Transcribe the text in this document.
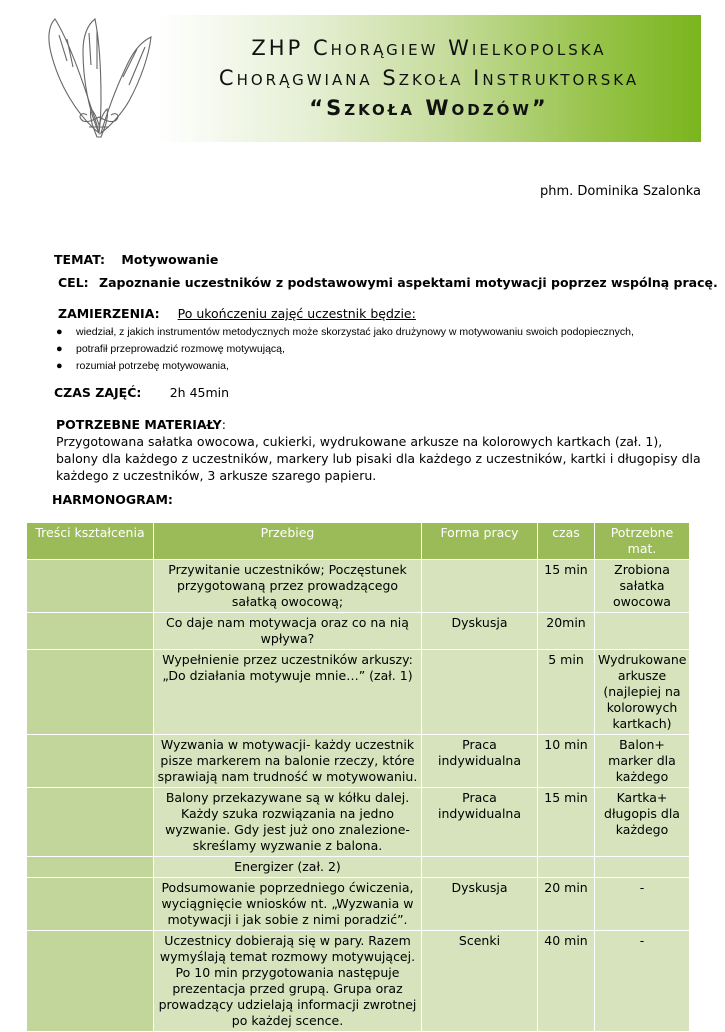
ZHP Chorągiew Wielkopolska
Chorągwiana Szkoła Instruktorska
“Szkoła Wodzów”
phm. Dominika Szalonka
TEMAT: Motywowanie
CEL: Zapoznanie uczestników z podstawowymi aspektami motywacji poprzez wspólną pracę.
ZAMIERZENIA: Po ukończeniu zajęć uczestnik będzie:
● wiedział, z jakich instrumentów metodycznych może skorzystać jako drużynowy w motywowaniu swoich podopiecznych,
● potrafił przeprowadzić rozmowę motywującą,
● rozumiał potrzebę motywowania,
CZAS ZAJĘĆ: 2h 45min
POTRZEBNE MATERIAŁY:
Przygotowana sałatka owocowa, cukierki, wydrukowane arkusze na kolorowych kartkach (zał. 1), balony dla każdego z uczestników, markery lub pisaki dla każdego z uczestników, kartki i długopisy dla każdego z uczestników, 3 arkusze szarego papieru.
HARMONOGRAM:
Treści kształcenia	Przebieg	Forma pracy	czas	Potrzebne mat.
	Przywitanie uczestników; Poczęstunek przygotowaną przez prowadzącego sałatką owocową;		15 min	Zrobiona sałatka owocowa
	Co daje nam motywacja oraz co na nią wpływa?	Dyskusja	20min	
	Wypełnienie przez uczestników arkuszy: „Do działania motywuje mnie…” (zał. 1)		5 min	Wydrukowane arkusze (najlepiej na kolorowych kartkach)
	Wyzwania w motywacji- każdy uczestnik pisze markerem na balonie rzeczy, które sprawiają nam trudność w motywowaniu.	Praca indywidualna	10 min	Balon+ marker dla każdego
	Balony przekazywane są w kółku dalej. Każdy szuka rozwiązania na jedno wyzwanie. Gdy jest już ono znalezione- skreślamy wyzwanie z balona.	Praca indywidualna	15 min	Kartka+ długopis dla każdego
	Energizer (zał. 2)			
	Podsumowanie poprzedniego ćwiczenia, wyciągnięcie wniosków nt. „Wyzwania w motywacji i jak sobie z nimi poradzić”.	Dyskusja	20 min	-
	Uczestnicy dobierają się w pary. Razem wymyślają temat rozmowy motywującej. Po 10 min przygotowania następuje prezentacja przed grupą. Grupa oraz prowadzący udzielają informacji zwrotnej po każdej scence.	Scenki	40 min	-
